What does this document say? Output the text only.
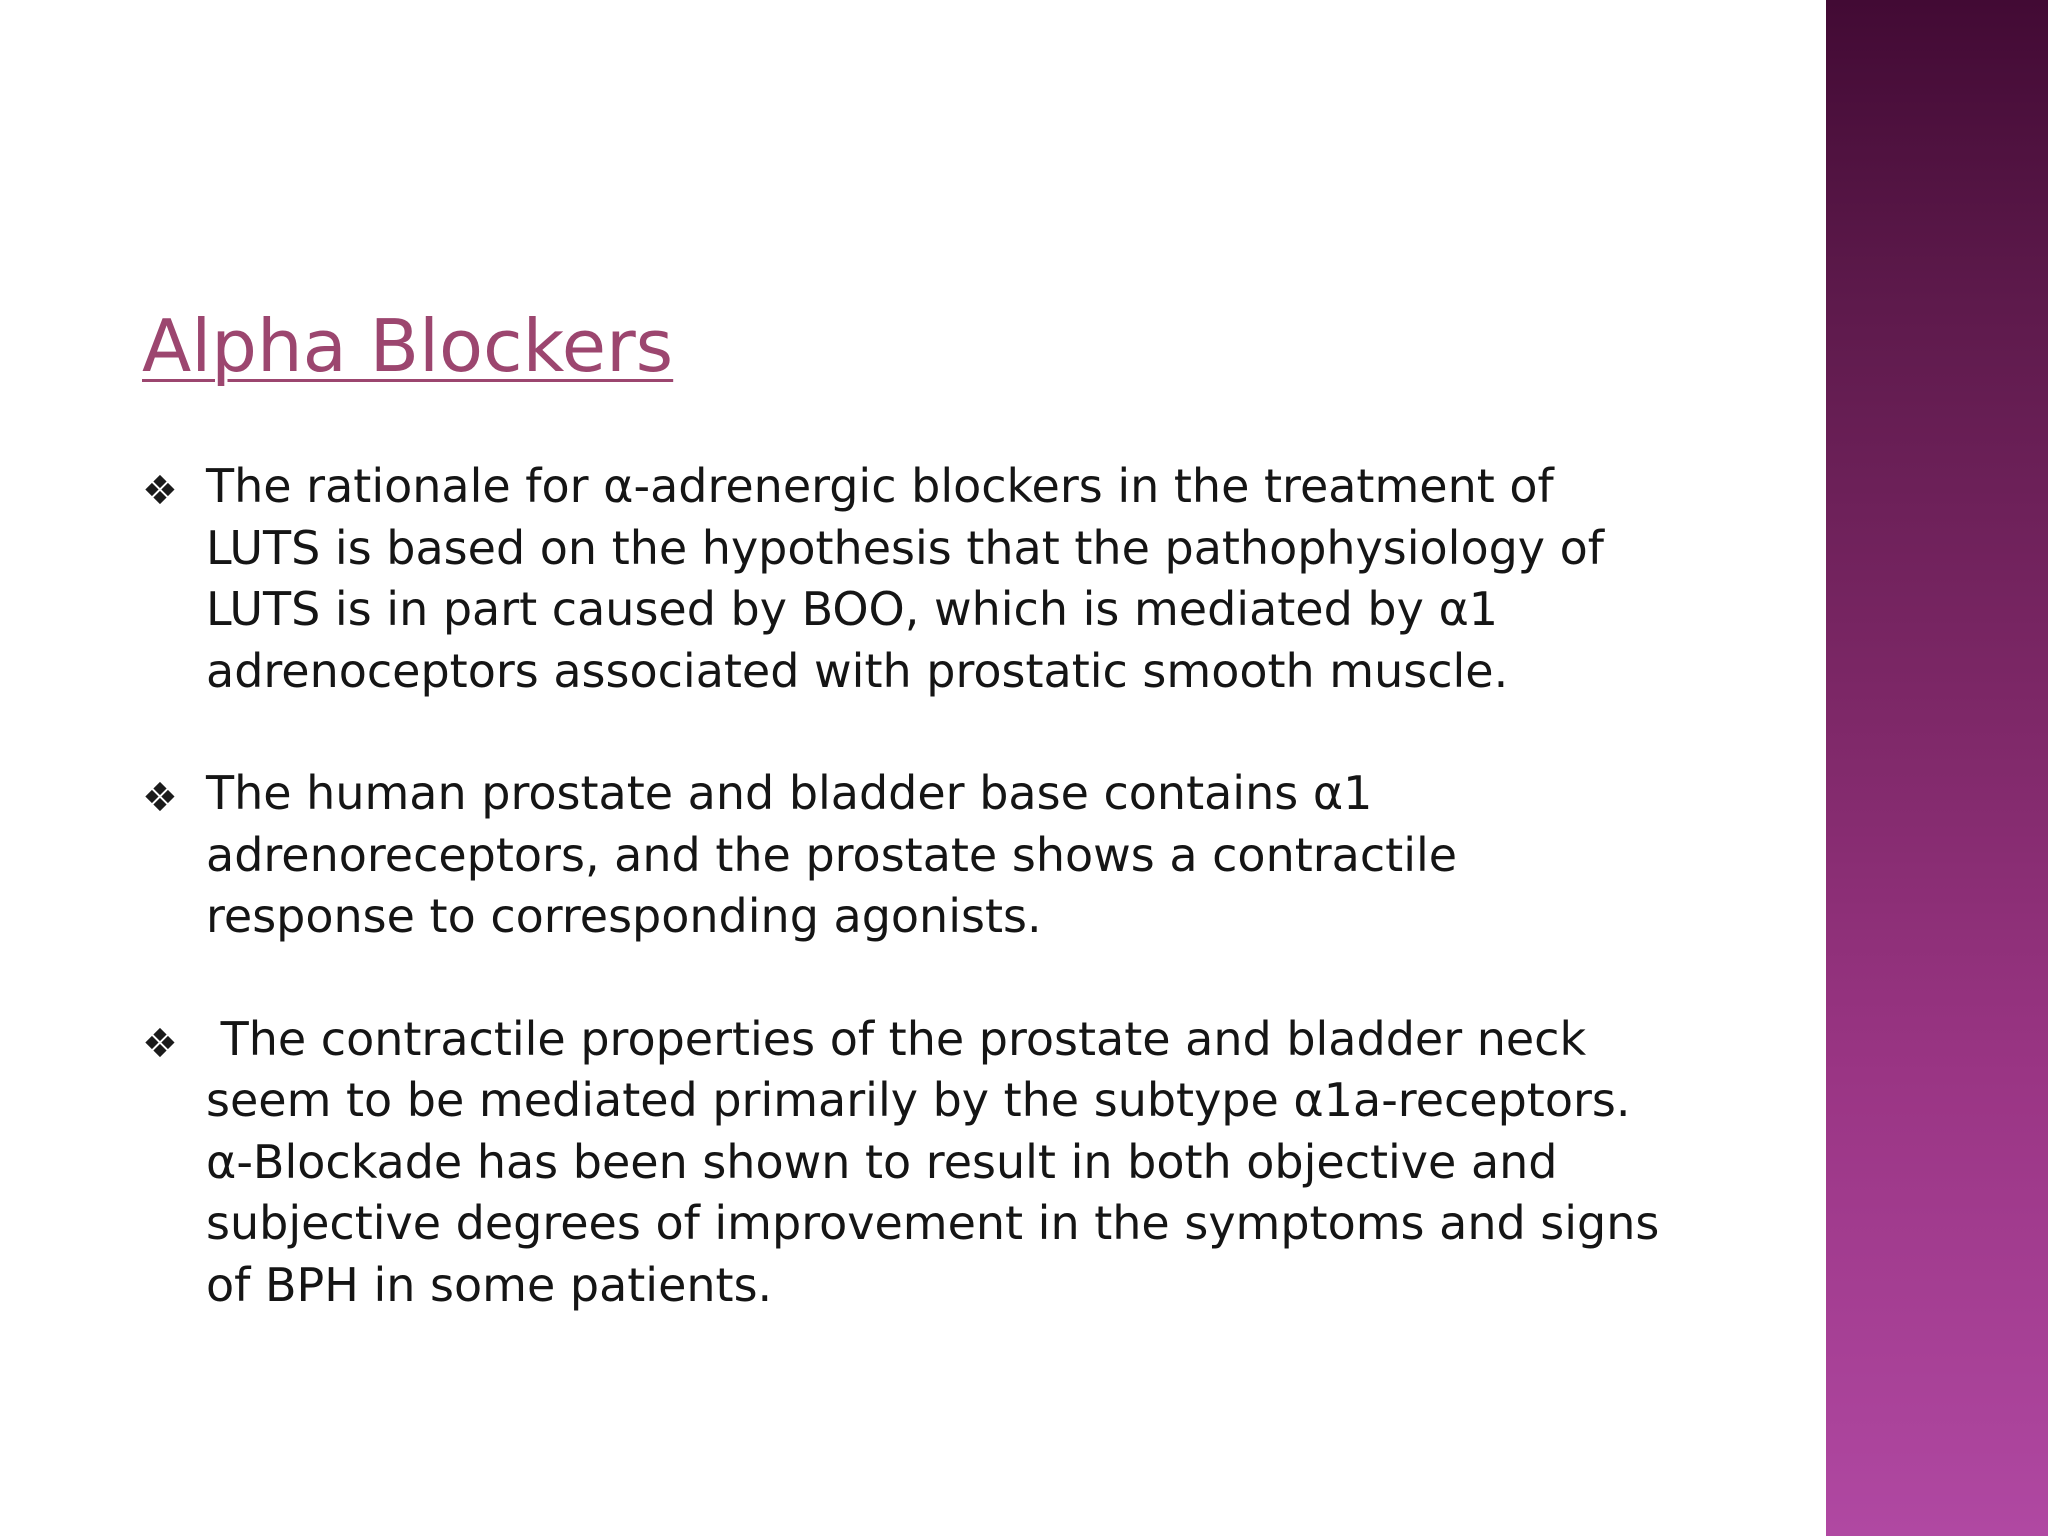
Alpha Blockers
❖ The rationale for α-adrenergic blockers in the treatment of
LUTS is based on the hypothesis that the pathophysiology of
LUTS is in part caused by BOO, which is mediated by α1
adrenoceptors associated with prostatic smooth muscle.
❖ The human prostate and bladder base contains α1
adrenoreceptors, and the prostate shows a contractile
response to corresponding agonists.
❖ The contractile properties of the prostate and bladder neck
seem to be mediated primarily by the subtype α1a-receptors.
α-Blockade has been shown to result in both objective and
subjective degrees of improvement in the symptoms and signs
of BPH in some patients.
